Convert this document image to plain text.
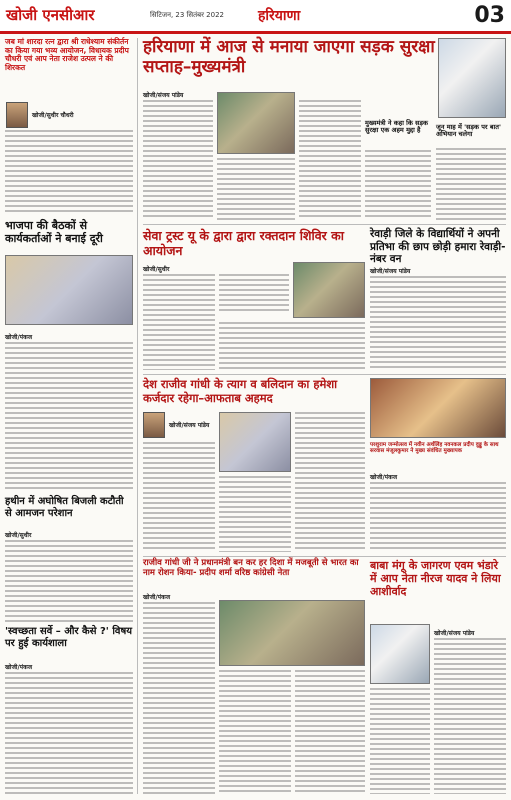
खोजी एनसीआर	सिटिजन, 23 सितंबर 2022 हरियाणा	03
जब मां शारदा रत्न द्वारा श्री राधेश्याम संकीर्तन का किया गया भव्य आयोजन, विधायक प्रदीप चौधरी एवं आप नेता राजेश उत्पल ने की शिरकत
खोजी/सुधीर चौधरी
भाजपा की बैठकों से कार्यकर्ताओं ने बनाई दूरी
खोजी/पंकज
हथीन में अघोषित बिजली कटौती से आमजन परेशान
खोजी/सुधीर
'स्वच्छता सर्वे – और कैसे ?' विषय पर हुई कार्यशाला
खोजी/पंकज
हरियाणा में आज से मनाया जाएगा सड़क सुरक्षा सप्ताह–मुख्यमंत्री
खोजी/संजय पांडेय
मुख्यमंत्री ने कहा कि सड़क सुरक्षा एक अहम मुद्दा है	जून माह में 'सड़क पर बात' अभियान चलेगा
सेवा ट्रस्ट यू के द्वारा द्वारा रक्तदान शिविर का आयोजन
खोजी/सुधीर
रेवाड़ी जिले के विद्यार्थियों ने अपनी प्रतिभा की छाप छोड़ी हमारा रेवाड़ी-नंबर वन
खोजी/संजय पांडेय
देश राजीव गांधी के त्याग व बलिदान का हमेशा कर्जदार रहेगा–आफताब अहमद
खोजी/संजय पांडेय
परशुराम जन्मोत्सव में नवीन अर्थलिंह नवनकल प्रदीप वुड्डू के साथ सरवास मंजूलकुमार ने मुख्य संवंधित मुख्यापक
खोजी/पंकज
राजीव गांधी जी ने प्रधानमंत्री बन कर हर दिशा में मजबूती से भारत का नाम रोशन किया- प्रदीप शर्मा वरिष्ठ कांग्रेसी नेता
खोजी/पंकज
बाबा मंगू के जागरण एवम भंडारे में आप नेता नीरज यादव ने लिया आशीर्वाद
खोजी/संजय पांडेय
